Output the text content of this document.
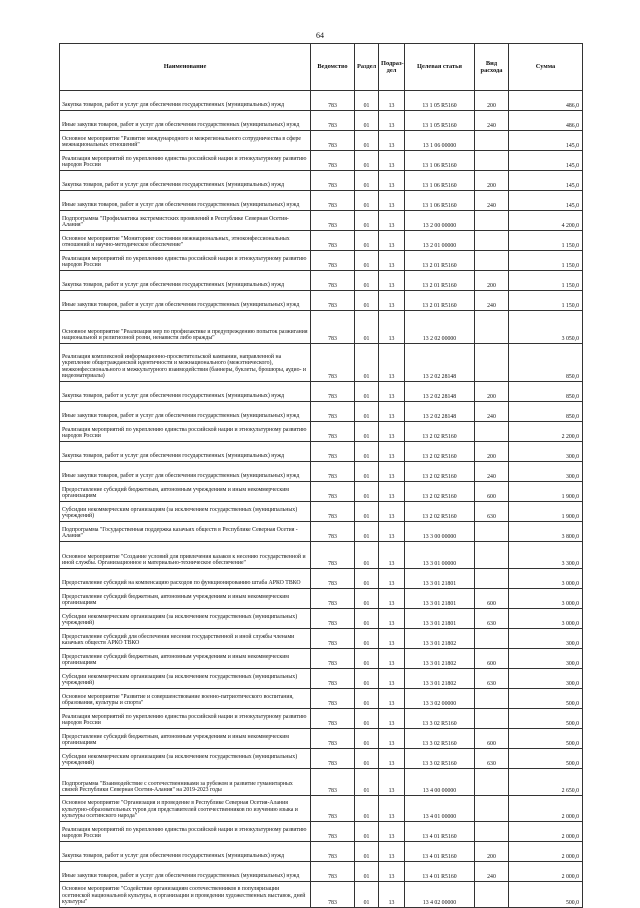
64
Наименование	Ведомство	Раздел	Подраз-дел	Целевая статья	Вид расхода	Сумма
Закупка товаров, работ и услуг для обеспечения государственных (муниципальных) нужд	783	01	13	13 1 05 R5160	200	486,0
Иные закупки товаров, работ и услуг для обеспечения государственных (муниципальных) нужд	783	01	13	13 1 05 R5160	240	486,0
Основное мероприятие "Развитие международного и межрегионального сотрудничества в сфере межнациональных отношений"	783	01	13	13 1 06 00000		145,0
Реализация мероприятий по укреплению единства российской нации и этнокультурному развитию народов России	783	01	13	13 1 06 R5160		145,0
Закупка товаров, работ и услуг для обеспечения государственных (муниципальных) нужд	783	01	13	13 1 06 R5160	200	145,0
Иные закупки товаров, работ и услуг для обеспечения государственных (муниципальных) нужд	783	01	13	13 1 06 R5160	240	145,0
Подпрограмма "Профилактика экстремистских проявлений в Республике Северная Осетия-Алания"	783	01	13	13 2 00 00000		4 200,0
Основное мероприятие "Мониторинг состояния межнациональных, этноконфессиональных отношений и научно-методическое обеспечение"	783	01	13	13 2 01 00000		1 150,0
Реализация мероприятий по укреплению единства российской нации и этнокультурному развитию народов России	783	01	13	13 2 01 R5160		1 150,0
Закупка товаров, работ и услуг для обеспечения государственных (муниципальных) нужд	783	01	13	13 2 01 R5160	200	1 150,0
Иные закупки товаров, работ и услуг для обеспечения государственных (муниципальных) нужд	783	01	13	13 2 01 R5160	240	1 150,0
Основное мероприятие "Реализация мер по профилактике и предупреждению попыток разжигания национальной и религиозной розни, ненависти либо вражды"	783	01	13	13 2 02 00000		3 050,0
Реализация комплексной информационно-просветительской кампании, направленной на укрепление общегражданской идентичности и межнационального (межэтнического), межконфессионального и межкультурного взаимодействия (баннеры, буклеты, брошюры, аудио- и видеоматериалы)	783	01	13	13 2 02 28148		850,0
Закупка товаров, работ и услуг для обеспечения государственных (муниципальных) нужд	783	01	13	13 2 02 28148	200	850,0
Иные закупки товаров, работ и услуг для обеспечения государственных (муниципальных) нужд	783	01	13	13 2 02 28148	240	850,0
Реализация мероприятий по укреплению единства российской нации и этнокультурному развитию народов России	783	01	13	13 2 02 R5160		2 200,0
Закупка товаров, работ и услуг для обеспечения государственных (муниципальных) нужд	783	01	13	13 2 02 R5160	200	300,0
Иные закупки товаров, работ и услуг для обеспечения государственных (муниципальных) нужд	783	01	13	13 2 02 R5160	240	300,0
Предоставление субсидий бюджетным, автономным учреждениям и иным некоммерческим организациям	783	01	13	13 2 02 R5160	600	1 900,0
Субсидии некоммерческим организациям (за исключением государственных (муниципальных) учреждений)	783	01	13	13 2 02 R5160	630	1 900,0
Подпрограмма "Государственная поддержка казачьих обществ в Республике Северная Осетия - Алания"	783	01	13	13 3 00 00000		3 800,0
Основное мероприятие "Создание условий для привлечения казаков к несению государственной и иной службы. Организационное и материально-техническое обеспечение"	783	01	13	13 3 01 00000		3 300,0
Предоставление субсидий на компенсацию расходов по функционированию штаба АРКО ТВКО	783	01	13	13 3 01 21801		3 000,0
Предоставление субсидий бюджетным, автономным учреждениям и иным некоммерческим организациям	783	01	13	13 3 01 21801	600	3 000,0
Субсидии некоммерческим организациям (за исключением государственных (муниципальных) учреждений)	783	01	13	13 3 01 21801	630	3 000,0
Предоставление субсидий для обеспечения несения государственной и иной службы членами казачьих обществ АРКО ТВКО	783	01	13	13 3 01 21802		300,0
Предоставление субсидий бюджетным, автономным учреждениям и иным некоммерческим организациям	783	01	13	13 3 01 21802	600	300,0
Субсидии некоммерческим организациям (за исключением государственных (муниципальных) учреждений)	783	01	13	13 3 01 21802	630	300,0
Основное мероприятие "Развитие и совершенствование военно-патриотического воспитания, образования, культуры и спорта"	783	01	13	13 3 02 00000		500,0
Реализация мероприятий по укреплению единства российской нации и этнокультурному развитию народов России	783	01	13	13 3 02 R5160		500,0
Предоставление субсидий бюджетным, автономным учреждениям и иным некоммерческим организациям	783	01	13	13 3 02 R5160	600	500,0
Субсидии некоммерческим организациям (за исключением государственных (муниципальных) учреждений)	783	01	13	13 3 02 R5160	630	500,0
Подпрограмма "Взаимодействие с соотечественниками за рубежом и развитие гуманитарных связей Республики Северная Осетия-Алания" на 2019-2023 годы	783	01	13	13 4 00 00000		2 650,0
Основное мероприятие "Организация и проведение в Республике Северная Осетия-Алания культурно-образовательных туров для представителей соотечественников по изучению языка и культуры осетинского народа"	783	01	13	13 4 01 00000		2 000,0
Реализация мероприятий по укреплению единства российской нации и этнокультурному развитию народов России	783	01	13	13 4 01 R5160		2 000,0
Закупка товаров, работ и услуг для обеспечения государственных (муниципальных) нужд	783	01	13	13 4 01 R5160	200	2 000,0
Иные закупки товаров, работ и услуг для обеспечения государственных (муниципальных) нужд	783	01	13	13 4 01 R5160	240	2 000,0
Основное мероприятие "Содействие организациям соотечественников в популяризации осетинской национальной культуры, в организации и проведении художественных выставок, дней культуры"	783	01	13	13 4 02 00000		500,0
